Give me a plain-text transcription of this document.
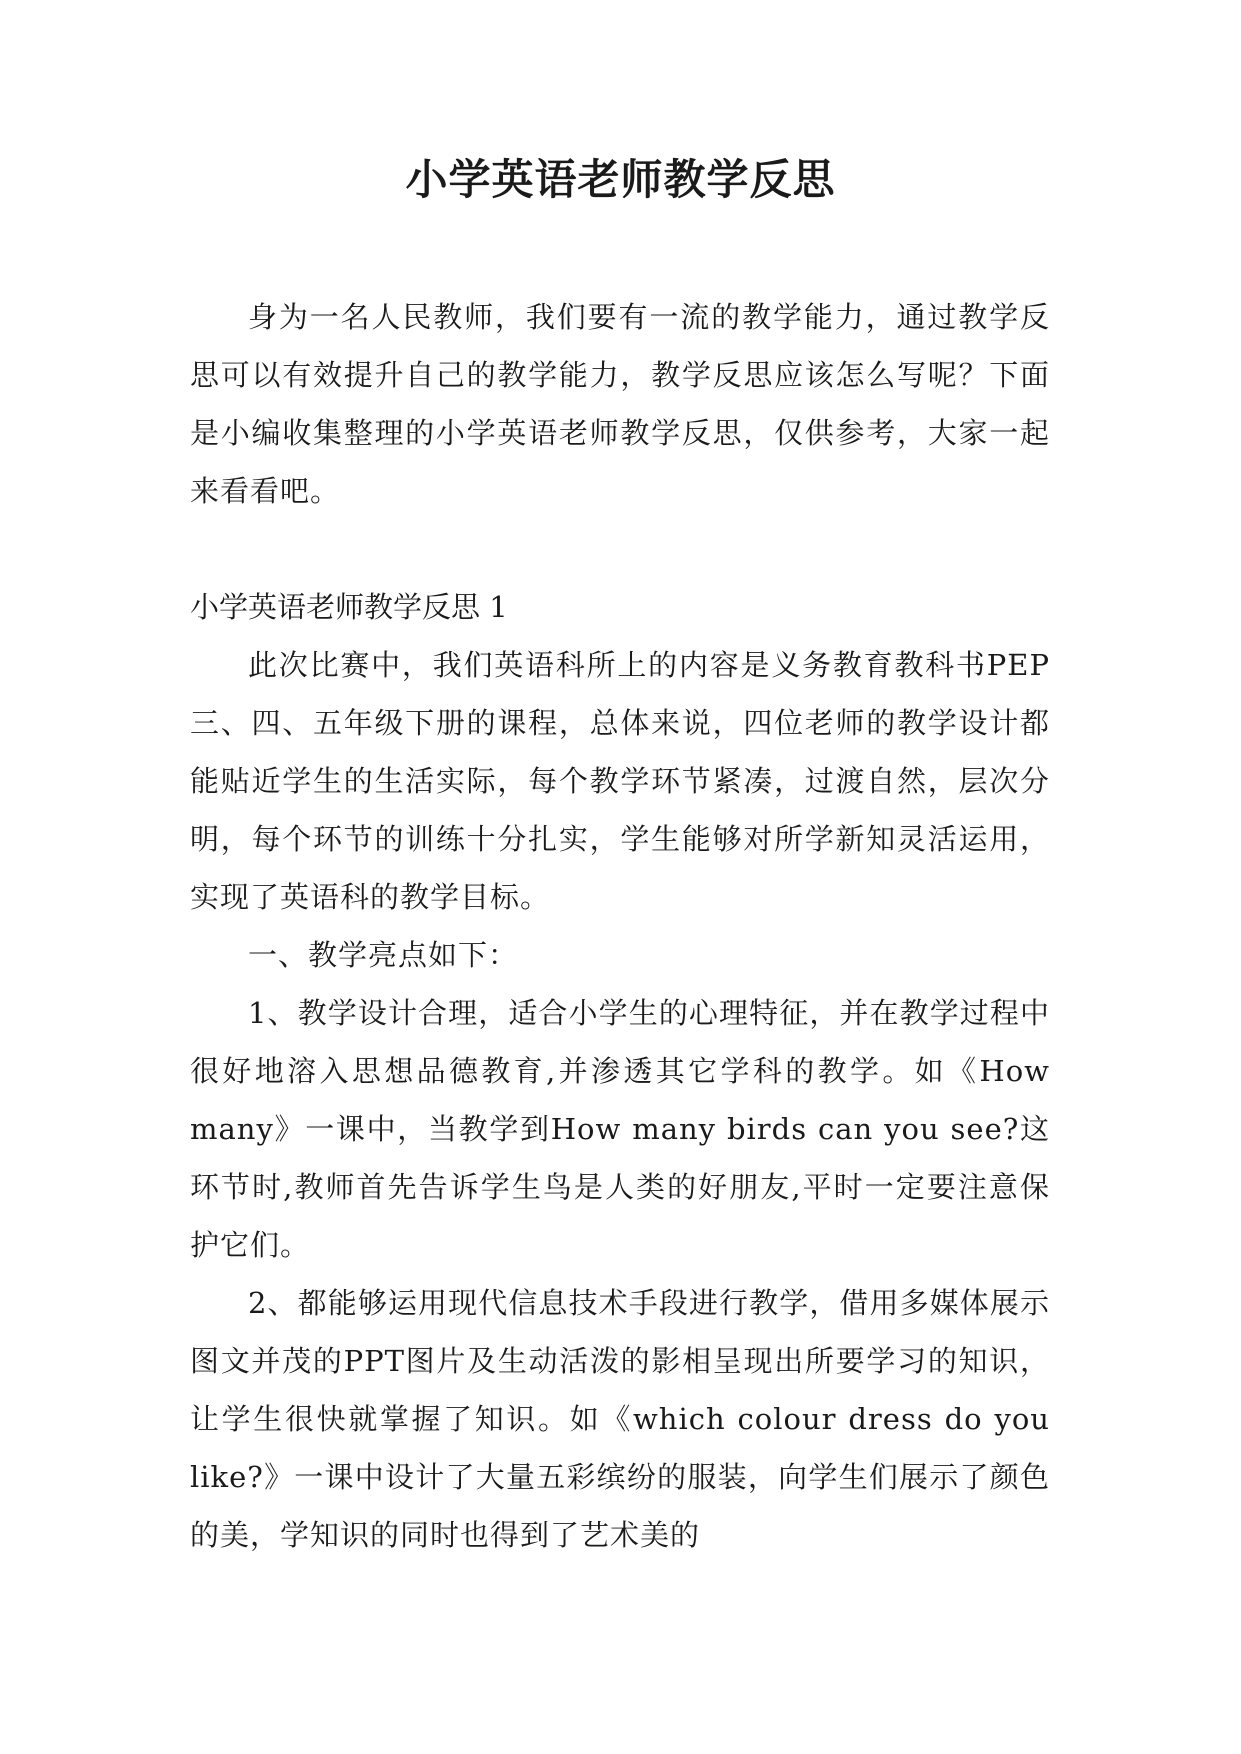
小学英语老师教学反思

身为一名人民教师，我们要有一流的教学能力，通过教学反思可以有效提升自己的教学能力，教学反思应该怎么写呢？下面是小编收集整理的小学英语老师教学反思，仅供参考，大家一起来看看吧。

小学英语老师教学反思 1

此次比赛中，我们英语科所上的内容是义务教育教科书PEP 三、四、五年级下册的课程，总体来说，四位老师的教学设计都能贴近学生的生活实际，每个教学环节紧凑，过渡自然，层次分明，每个环节的训练十分扎实，学生能够对所学新知灵活运用，实现了英语科的教学目标。

一、教学亮点如下：

1、教学设计合理，适合小学生的心理特征，并在教学过程中很好地溶入思想品德教育,并渗透其它学科的教学。如《How many》一课中，当教学到How many birds can you see?这环节时,教师首先告诉学生鸟是人类的好朋友,平时一定要注意保护它们。

2、都能够运用现代信息技术手段进行教学，借用多媒体展示图文并茂的PPT图片及生动活泼的影相呈现出所要学习的知识，让学生很快就掌握了知识。如《which colour dress do you like?》一课中设计了大量五彩缤纷的服装，向学生们展示了颜色的美，学知识的同时也得到了艺术美的
